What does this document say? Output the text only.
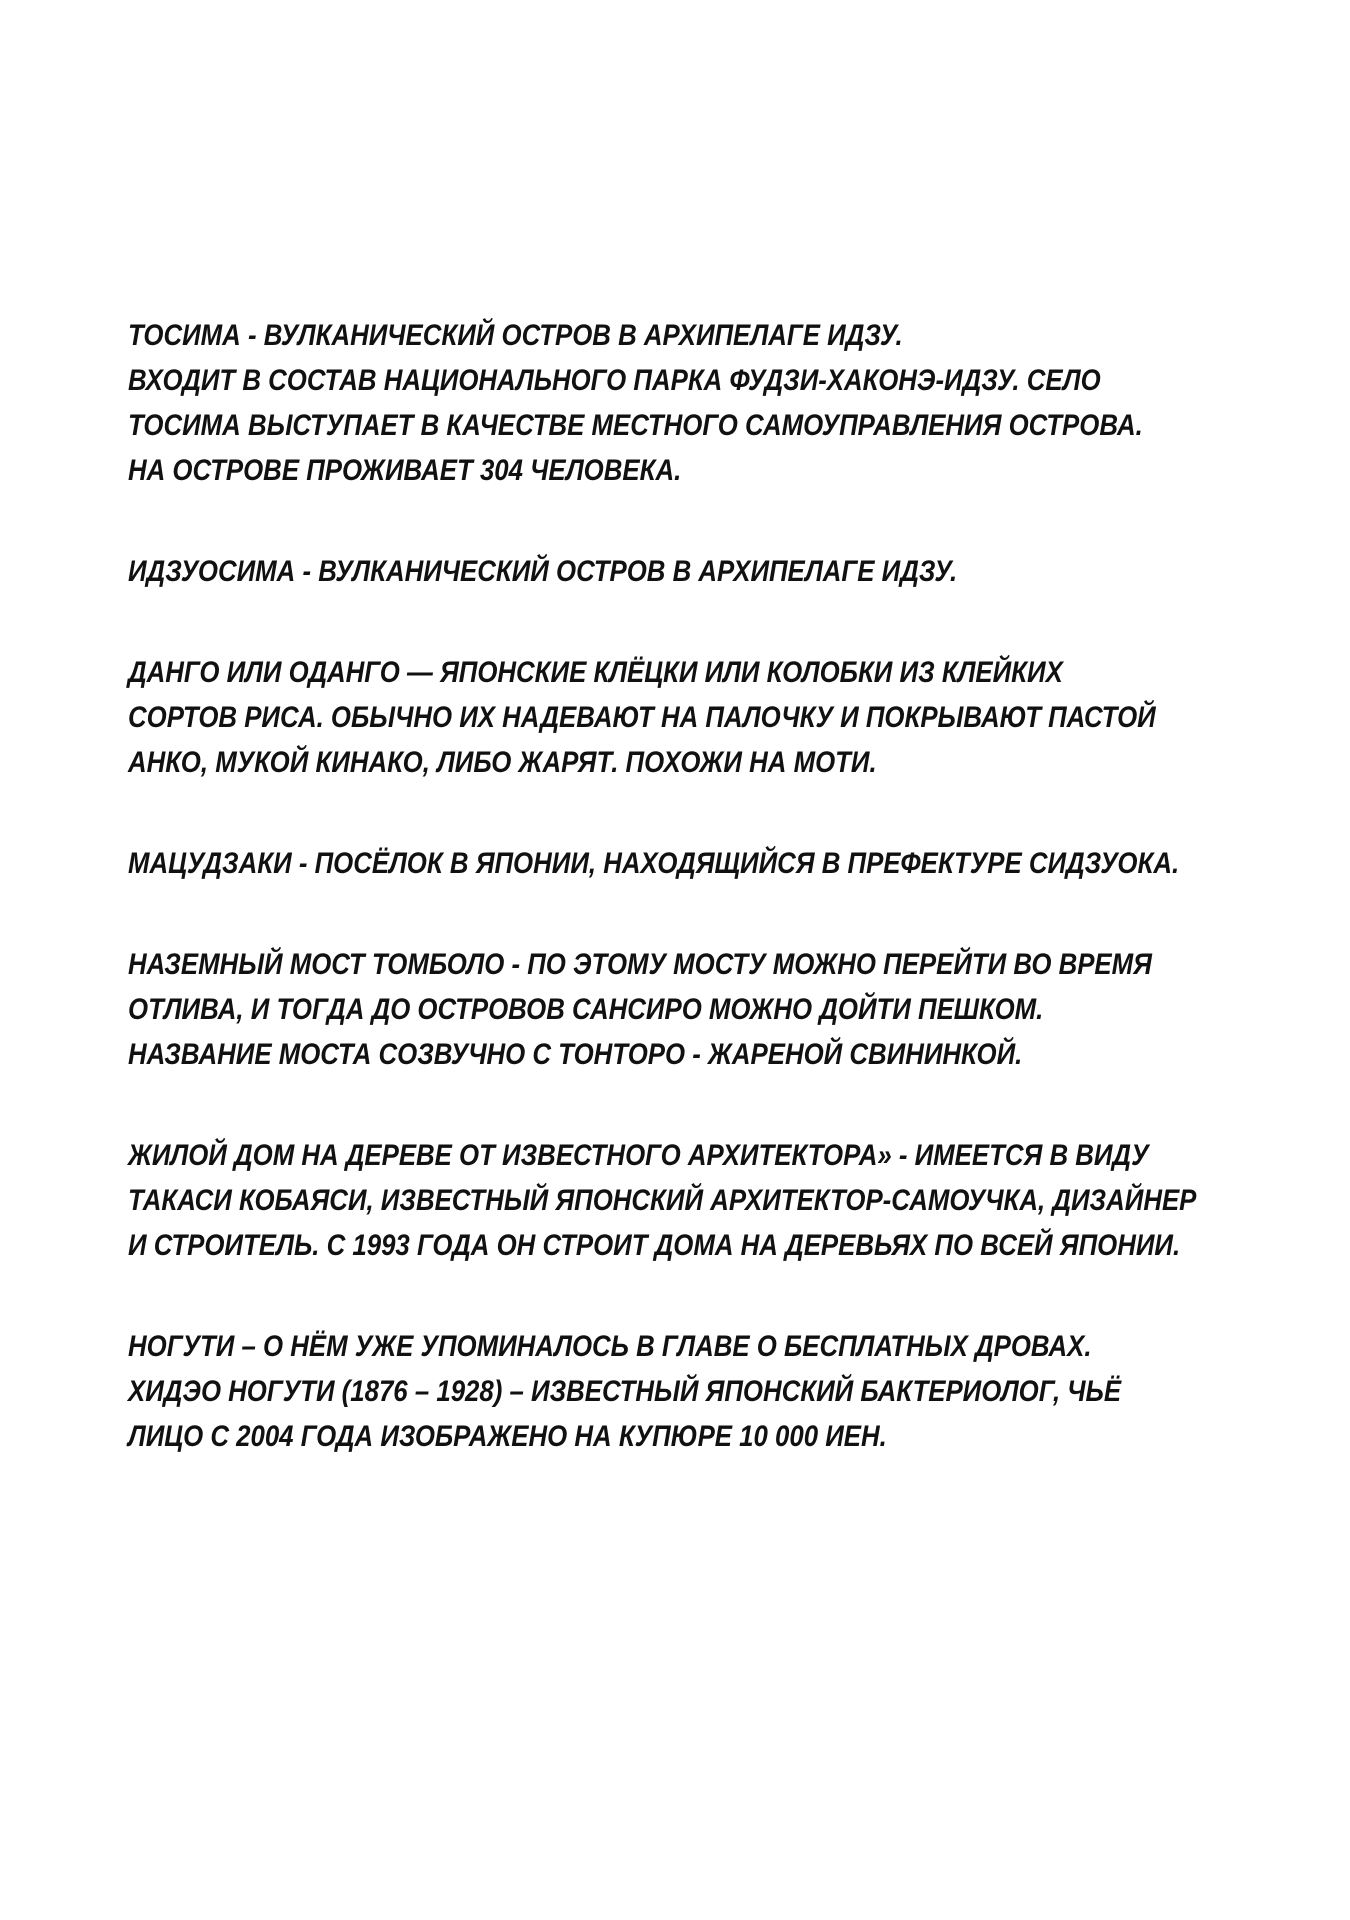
ТОСИМА - ВУЛКАНИЧЕСКИЙ ОСТРОВ В АРХИПЕЛАГЕ ИДЗУ.
ВХОДИТ В СОСТАВ НАЦИОНАЛЬНОГО ПАРКА ФУДЗИ-ХАКОНЭ-ИДЗУ. СЕЛО
ТОСИМА ВЫСТУПАЕТ В КАЧЕСТВЕ МЕСТНОГО САМОУПРАВЛЕНИЯ ОСТРОВА.
НА ОСТРОВЕ ПРОЖИВАЕТ 304 ЧЕЛОВЕКА.
ИДЗУОСИМА - ВУЛКАНИЧЕСКИЙ ОСТРОВ В АРХИПЕЛАГЕ ИДЗУ.
ДАНГО ИЛИ ОДАНГО — ЯПОНСКИЕ КЛЁЦКИ ИЛИ КОЛОБКИ ИЗ КЛЕЙКИХ
СОРТОВ РИСА. ОБЫЧНО ИХ НАДЕВАЮТ НА ПАЛОЧКУ И ПОКРЫВАЮТ ПАСТОЙ
АНКО, МУКОЙ КИНАКО, ЛИБО ЖАРЯТ. ПОХОЖИ НА МОТИ.
МАЦУДЗАКИ - ПОСЁЛОК В ЯПОНИИ, НАХОДЯЩИЙСЯ В ПРЕФЕКТУРЕ СИДЗУОКА.
НАЗЕМНЫЙ МОСТ ТОМБОЛО - ПО ЭТОМУ МОСТУ МОЖНО ПЕРЕЙТИ ВО ВРЕМЯ
ОТЛИВА, И ТОГДА ДО ОСТРОВОВ САНСИРО МОЖНО ДОЙТИ ПЕШКОМ.
НАЗВАНИЕ МОСТА СОЗВУЧНО С ТОНТОРО - ЖАРЕНОЙ СВИНИНКОЙ.
ЖИЛОЙ ДОМ НА ДЕРЕВЕ ОТ ИЗВЕСТНОГО АРХИТЕКТОРА» - ИМЕЕТСЯ В ВИДУ
ТАКАСИ КОБАЯСИ, ИЗВЕСТНЫЙ ЯПОНСКИЙ АРХИТЕКТОР-САМОУЧКА, ДИЗАЙНЕР
И СТРОИТЕЛЬ. С 1993 ГОДА ОН СТРОИТ ДОМА НА ДЕРЕВЬЯХ ПО ВСЕЙ ЯПОНИИ.
НОГУТИ – О НЁМ УЖЕ УПОМИНАЛОСЬ В ГЛАВЕ О БЕСПЛАТНЫХ ДРОВАХ.
ХИДЭО НОГУТИ (1876 – 1928) – ИЗВЕСТНЫЙ ЯПОНСКИЙ БАКТЕРИОЛОГ, ЧЬЁ
ЛИЦО С 2004 ГОДА ИЗОБРАЖЕНО НА КУПЮРЕ 10 000 ИЕН.
